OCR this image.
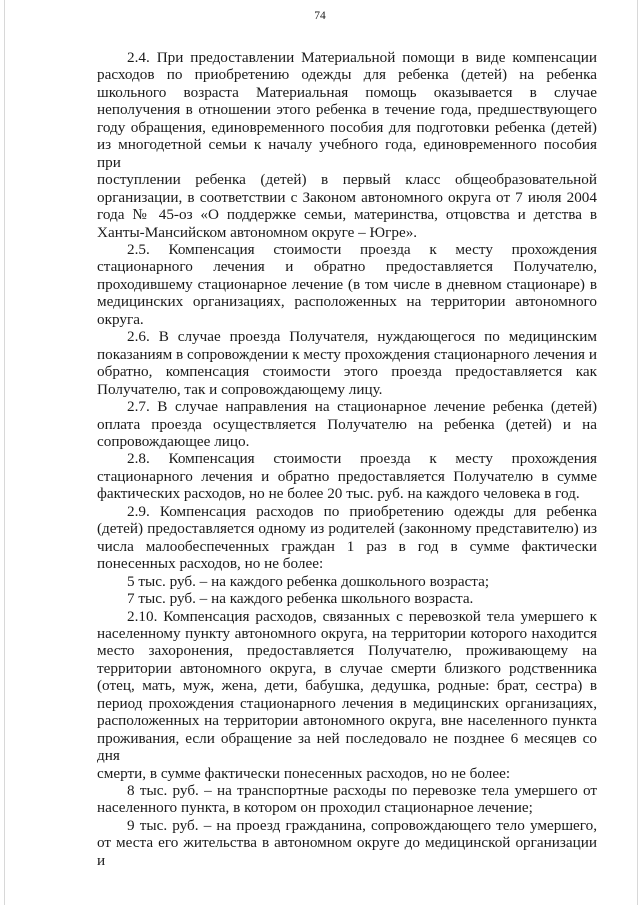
74

2.4. При предоставлении Материальной помощи в виде компенсации

расходов по приобретению одежды для ребенка (детей) на ребенка

школьного возраста Материальная помощь оказывается в случае

неполучения в отношении этого ребенка в течение года, предшествующего

году обращения, единовременного пособия для подготовки ребенка (детей)

из многодетной семьи к началу учебного года, единовременного пособия при

поступлении ребенка (детей) в первый класс общеобразовательной

организации, в соответствии с Законом автономного округа от 7 июля 2004

года № 45-оз «О поддержке семьи, материнства, отцовства и детства в

Ханты-Мансийском автономном округе – Югре».

2.5. Компенсация стоимости проезда к месту прохождения

стационарного лечения и обратно предоставляется Получателю,

проходившему стационарное лечение (в том числе в дневном стационаре) в

медицинских организациях, расположенных на территории автономного

округа.

2.6. В случае проезда Получателя, нуждающегося по медицинским

показаниям в сопровождении к месту прохождения стационарного лечения и

обратно, компенсация стоимости этого проезда предоставляется как

Получателю, так и сопровождающему лицу.

2.7. В случае направления на стационарное лечение ребенка (детей)

оплата проезда осуществляется Получателю на ребенка (детей) и на

сопровождающее лицо.

2.8. Компенсация стоимости проезда к месту прохождения

стационарного лечения и обратно предоставляется Получателю в сумме

фактических расходов, но не более 20 тыс. руб. на каждого человека в год.

2.9. Компенсация расходов по приобретению одежды для ребенка

(детей) предоставляется одному из родителей (законному представителю) из

числа малообеспеченных граждан 1 раз в год в сумме фактически

понесенных расходов, но не более:

5 тыс. руб. – на каждого ребенка дошкольного возраста;

7 тыс. руб. – на каждого ребенка школьного возраста.

2.10. Компенсация расходов, связанных с перевозкой тела умершего к

населенному пункту автономного округа, на территории которого находится

место захоронения, предоставляется Получателю, проживающему на

территории автономного округа, в случае смерти близкого родственника

(отец, мать, муж, жена, дети, бабушка, дедушка, родные: брат, сестра) в

период прохождения стационарного лечения в медицинских организациях,

расположенных на территории автономного округа, вне населенного пункта

проживания, если обращение за ней последовало не позднее 6 месяцев со дня

смерти, в сумме фактически понесенных расходов, но не более:

8 тыс. руб. – на транспортные расходы по перевозке тела умершего от

населенного пункта, в котором он проходил стационарное лечение;

9 тыс. руб. – на проезд гражданина, сопровождающего тело умершего,

от места его жительства в автономном округе до медицинской организации и
